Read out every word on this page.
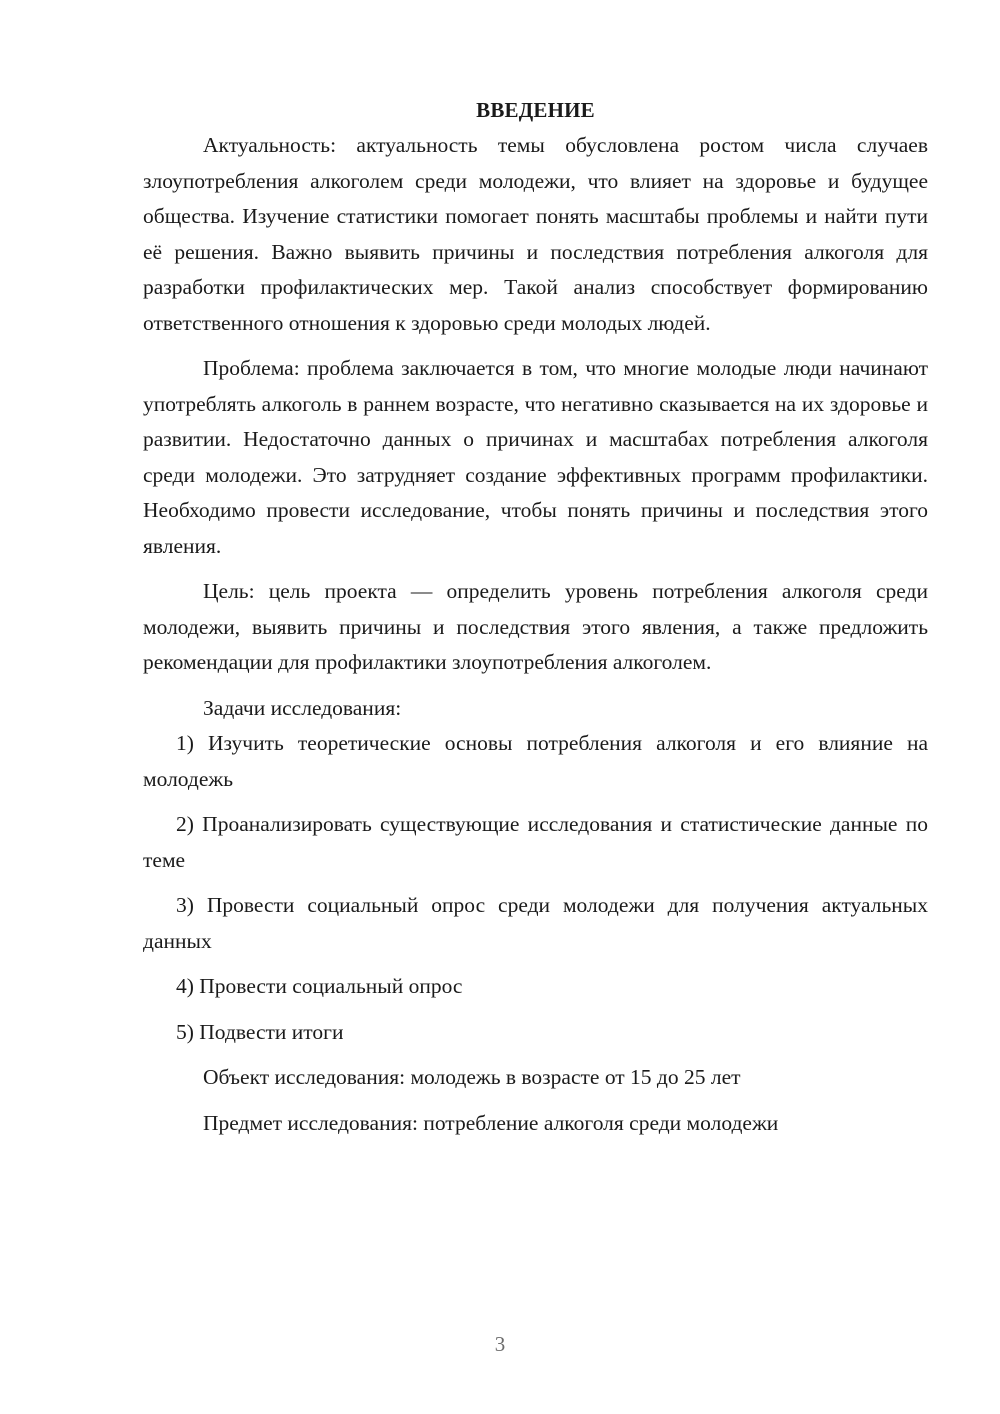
ВВЕДЕНИЕ

Актуальность: актуальность темы обусловлена ростом числа случаев злоупотребления алкоголем среди молодежи, что влияет на здоровье и будущее общества. Изучение статистики помогает понять масштабы проблемы и найти пути её решения. Важно выявить причины и последствия потребления алкоголя для разработки профилактических мер. Такой анализ способствует формированию ответственного отношения к здоровью среди молодых людей.

Проблема: проблема заключается в том, что многие молодые люди начинают употреблять алкоголь в раннем возрасте, что негативно сказывается на их здоровье и развитии. Недостаточно данных о причинах и масштабах потребления алкоголя среди молодежи. Это затрудняет создание эффективных программ профилактики. Необходимо провести исследование, чтобы понять причины и последствия этого явления.

Цель: цель проекта — определить уровень потребления алкоголя среди молодежи, выявить причины и последствия этого явления, а также предложить рекомендации для профилактики злоупотребления алкоголем.

Задачи исследования:

1) Изучить теоретические основы потребления алкоголя и его влияние на молодежь

2) Проанализировать существующие исследования и статистические данные по теме

3) Провести социальный опрос среди молодежи для получения актуальных данных

4) Провести социальный опрос

5) Подвести итоги

Объект исследования: молодежь в возрасте от 15 до 25 лет

Предмет исследования: потребление алкоголя среди молодежи

3
